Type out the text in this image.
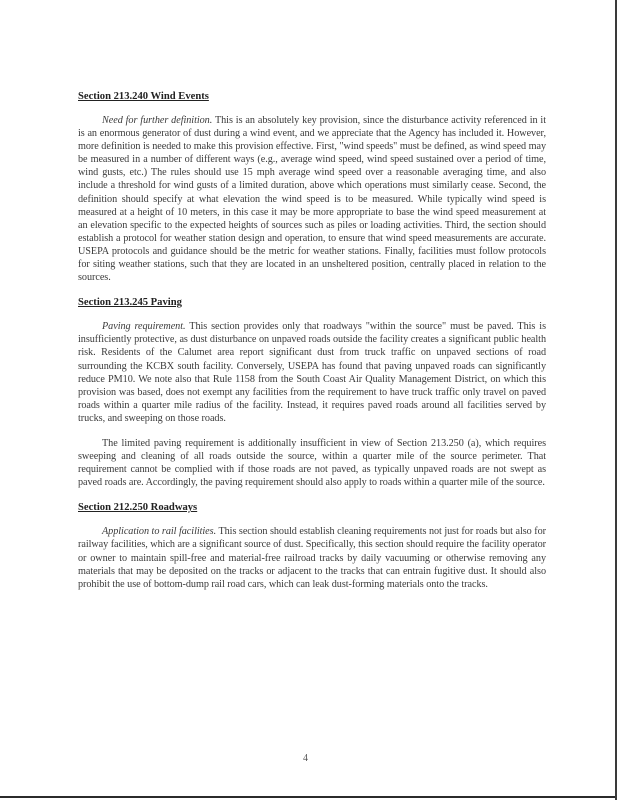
Section 213.240 Wind Events

Need for further definition. This is an absolutely key provision, since the disturbance activity referenced in it is an enormous generator of dust during a wind event, and we appreciate that the Agency has included it. However, more definition is needed to make this provision effective. First, "wind speeds" must be defined, as wind speed may be measured in a number of different ways (e.g., average wind speed, wind speed sustained over a period of time, wind gusts, etc.) The rules should use 15 mph average wind speed over a reasonable averaging time, and also include a threshold for wind gusts of a limited duration, above which operations must similarly cease. Second, the definition should specify at what elevation the wind speed is to be measured. While typically wind speed is measured at a height of 10 meters, in this case it may be more appropriate to base the wind speed measurement at an elevation specific to the expected heights of sources such as piles or loading activities. Third, the section should establish a protocol for weather station design and operation, to ensure that wind speed measurements are accurate. USEPA protocols and guidance should be the metric for weather stations. Finally, facilities must follow protocols for siting weather stations, such that they are located in an unsheltered position, centrally placed in relation to the sources.

Section 213.245 Paving

Paving requirement. This section provides only that roadways "within the source" must be paved. This is insufficiently protective, as dust disturbance on unpaved roads outside the facility creates a significant public health risk. Residents of the Calumet area report significant dust from truck traffic on unpaved sections of road surrounding the KCBX south facility. Conversely, USEPA has found that paving unpaved roads can significantly reduce PM10. We note also that Rule 1158 from the South Coast Air Quality Management District, on which this provision was based, does not exempt any facilities from the requirement to have truck traffic only travel on paved roads within a quarter mile radius of the facility. Instead, it requires paved roads around all facilities served by trucks, and sweeping on those roads.

The limited paving requirement is additionally insufficient in view of Section 213.250 (a), which requires sweeping and cleaning of all roads outside the source, within a quarter mile of the source perimeter. That requirement cannot be complied with if those roads are not paved, as typically unpaved roads are not swept as paved roads are. Accordingly, the paving requirement should also apply to roads within a quarter mile of the source.

Section 212.250 Roadways

Application to rail facilities. This section should establish cleaning requirements not just for roads but also for railway facilities, which are a significant source of dust. Specifically, this section should require the facility operator or owner to maintain spill-free and material-free railroad tracks by daily vacuuming or otherwise removing any materials that may be deposited on the tracks or adjacent to the tracks that can entrain fugitive dust. It should also prohibit the use of bottom-dump rail road cars, which can leak dust-forming materials onto the tracks.

4
